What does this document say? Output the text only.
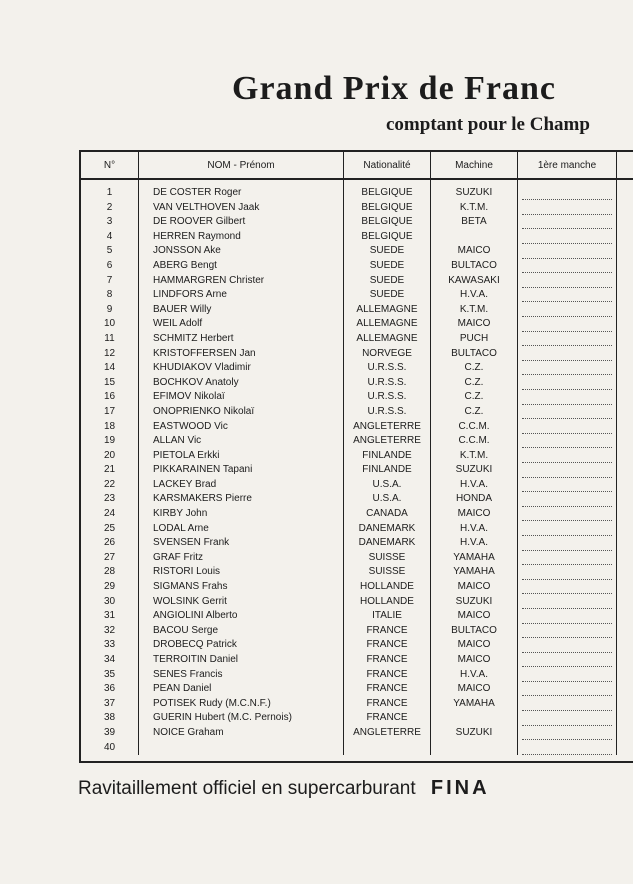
Grand Prix de Franc
comptant pour le Champ
N°	NOM - Prénom	Nationalité	Machine	1ère manche	
1	DE COSTER Roger	BELGIQUE	SUZUKI	

2	VAN VELTHOVEN Jaak	BELGIQUE	K.T.M.	

3	DE ROOVER Gilbert	BELGIQUE	BETA	

4	HERREN Raymond	BELGIQUE		

5	JONSSON Ake	SUEDE	MAICO	

6	ABERG Bengt	SUEDE	BULTACO	

7	HAMMARGREN Christer	SUEDE	KAWASAKI	

8	LINDFORS Arne	SUEDE	H.V.A.	

9	BAUER Willy	ALLEMAGNE	K.T.M.	

10	WEIL Adolf	ALLEMAGNE	MAICO	

11	SCHMITZ Herbert	ALLEMAGNE	PUCH	

12	KRISTOFFERSEN Jan	NORVEGE	BULTACO	

14	KHUDIAKOV Vladimir	U.R.S.S.	C.Z.	

15	BOCHKOV Anatoly	U.R.S.S.	C.Z.	

16	EFIMOV Nikolaï	U.R.S.S.	C.Z.	

17	ONOPRIENKO Nikolaï	U.R.S.S.	C.Z.	

18	EASTWOOD Vic	ANGLETERRE	C.C.M.	

19	ALLAN Vic	ANGLETERRE	C.C.M.	

20	PIETOLA Erkki	FINLANDE	K.T.M.	

21	PIKKARAINEN Tapani	FINLANDE	SUZUKI	

22	LACKEY Brad	U.S.A.	H.V.A.	

23	KARSMAKERS Pierre	U.S.A.	HONDA	

24	KIRBY John	CANADA	MAICO	

25	LODAL Arne	DANEMARK	H.V.A.	

26	SVENSEN Frank	DANEMARK	H.V.A.	

27	GRAF Fritz	SUISSE	YAMAHA	

28	RISTORI Louis	SUISSE	YAMAHA	

29	SIGMANS Frahs	HOLLANDE	MAICO	

30	WOLSINK Gerrit	HOLLANDE	SUZUKI	

31	ANGIOLINI Alberto	ITALIE	MAICO	

32	BACOU Serge	FRANCE	BULTACO	

33	DROBECQ Patrick	FRANCE	MAICO	

34	TERROITIN Daniel	FRANCE	MAICO	

35	SENES Francis	FRANCE	H.V.A.	

36	PEAN Daniel	FRANCE	MAICO	

37	POTISEK Rudy (M.C.N.F.)	FRANCE	YAMAHA	

38	GUERIN Hubert (M.C. Pernois)	FRANCE		

39	NOICE Graham	ANGLETERRE	SUZUKI	

40				

Ravitaillement officiel en supercarburant FINA
